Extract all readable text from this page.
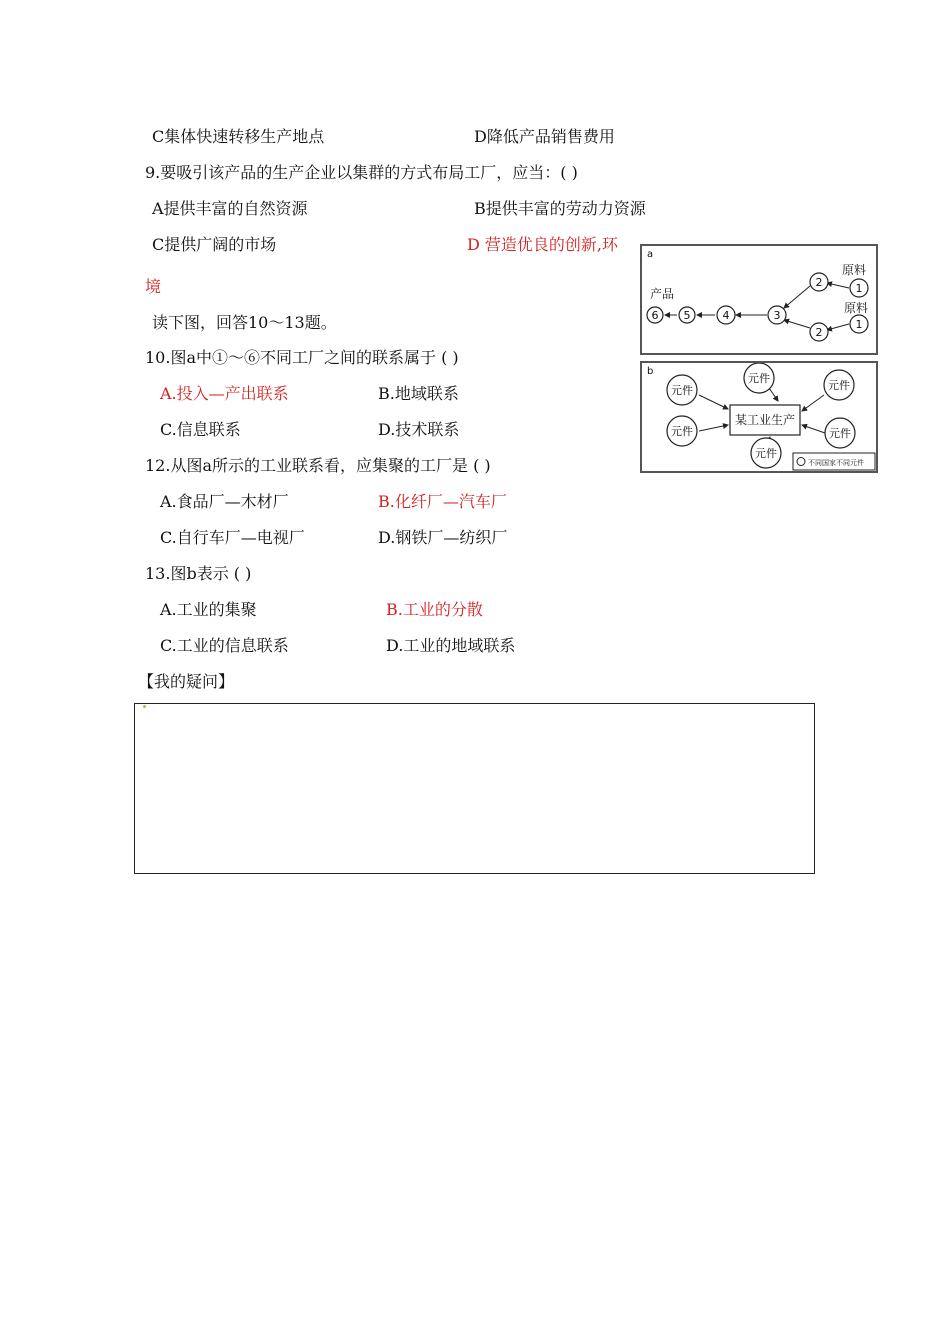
C集体快速转移生产地点	D降低产品销售费用
9.要吸引该产品的生产企业以集群的方式布局工厂，应当：( )
A提供丰富的自然资源	B提供丰富的劳动力资源
C提供广阔的市场	D 营造优良的创新,环
境
读下图，回答10～13题。
10.图a中①～⑥不同工厂之间的联系属于 ( )
A.投入—产出联系	B.地域联系
C.信息联系	D.技术联系
12.从图a所示的工业联系看，应集聚的工厂是 ( )
A.食品厂—木材厂	B.化纤厂—汽车厂
C.自行车厂—电视厂	D.钢铁厂—纺织厂
13.图b表示 ( )
A.工业的集聚	B.工业的分散
C.工业的信息联系	D.工业的地域联系
【我的疑问】
a
产品
原料
原料
6 5	4	3
2	1
2
1
b
某工业生产
元件
元件
元件
元件
元件
元件
不同国家不同元件
